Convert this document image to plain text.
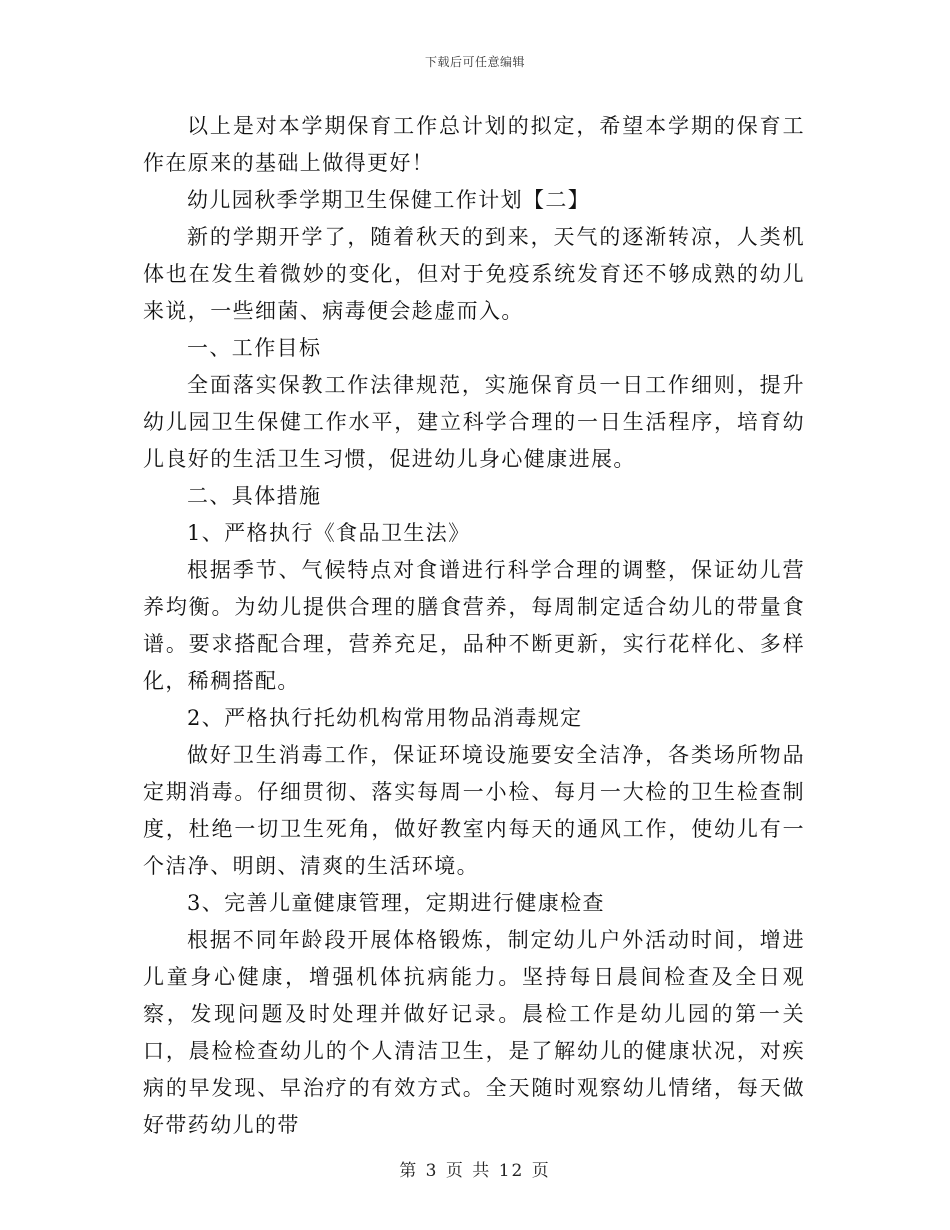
下载后可任意编辑

以上是对本学期保育工作总计划的拟定，希望本学期的保育工作在原来的基础上做得更好！

幼儿园秋季学期卫生保健工作计划【二】

新的学期开学了，随着秋天的到来，天气的逐渐转凉，人类机体也在发生着微妙的变化，但对于免疫系统发育还不够成熟的幼儿来说，一些细菌、病毒便会趁虚而入。

一、工作目标

全面落实保教工作法律规范，实施保育员一日工作细则，提升幼儿园卫生保健工作水平，建立科学合理的一日生活程序，培育幼儿良好的生活卫生习惯，促进幼儿身心健康进展。

二、具体措施

1、严格执行《食品卫生法》

根据季节、气候特点对食谱进行科学合理的调整，保证幼儿营养均衡。为幼儿提供合理的膳食营养，每周制定适合幼儿的带量食谱。要求搭配合理，营养充足，品种不断更新，实行花样化、多样化，稀稠搭配。

2、严格执行托幼机构常用物品消毒规定

做好卫生消毒工作，保证环境设施要安全洁净，各类场所物品定期消毒。仔细贯彻、落实每周一小检、每月一大检的卫生检查制度，杜绝一切卫生死角，做好教室内每天的通风工作，使幼儿有一个洁净、明朗、清爽的生活环境。

3、完善儿童健康管理，定期进行健康检查

根据不同年龄段开展体格锻炼，制定幼儿户外活动时间，增进儿童身心健康，增强机体抗病能力。坚持每日晨间检查及全日观察，发现问题及时处理并做好记录。晨检工作是幼儿园的第一关口，晨检检查幼儿的个人清洁卫生，是了解幼儿的健康状况，对疾病的早发现、早治疗的有效方式。全天随时观察幼儿情绪，每天做好带药幼儿的带

第 3 页 共 12 页
